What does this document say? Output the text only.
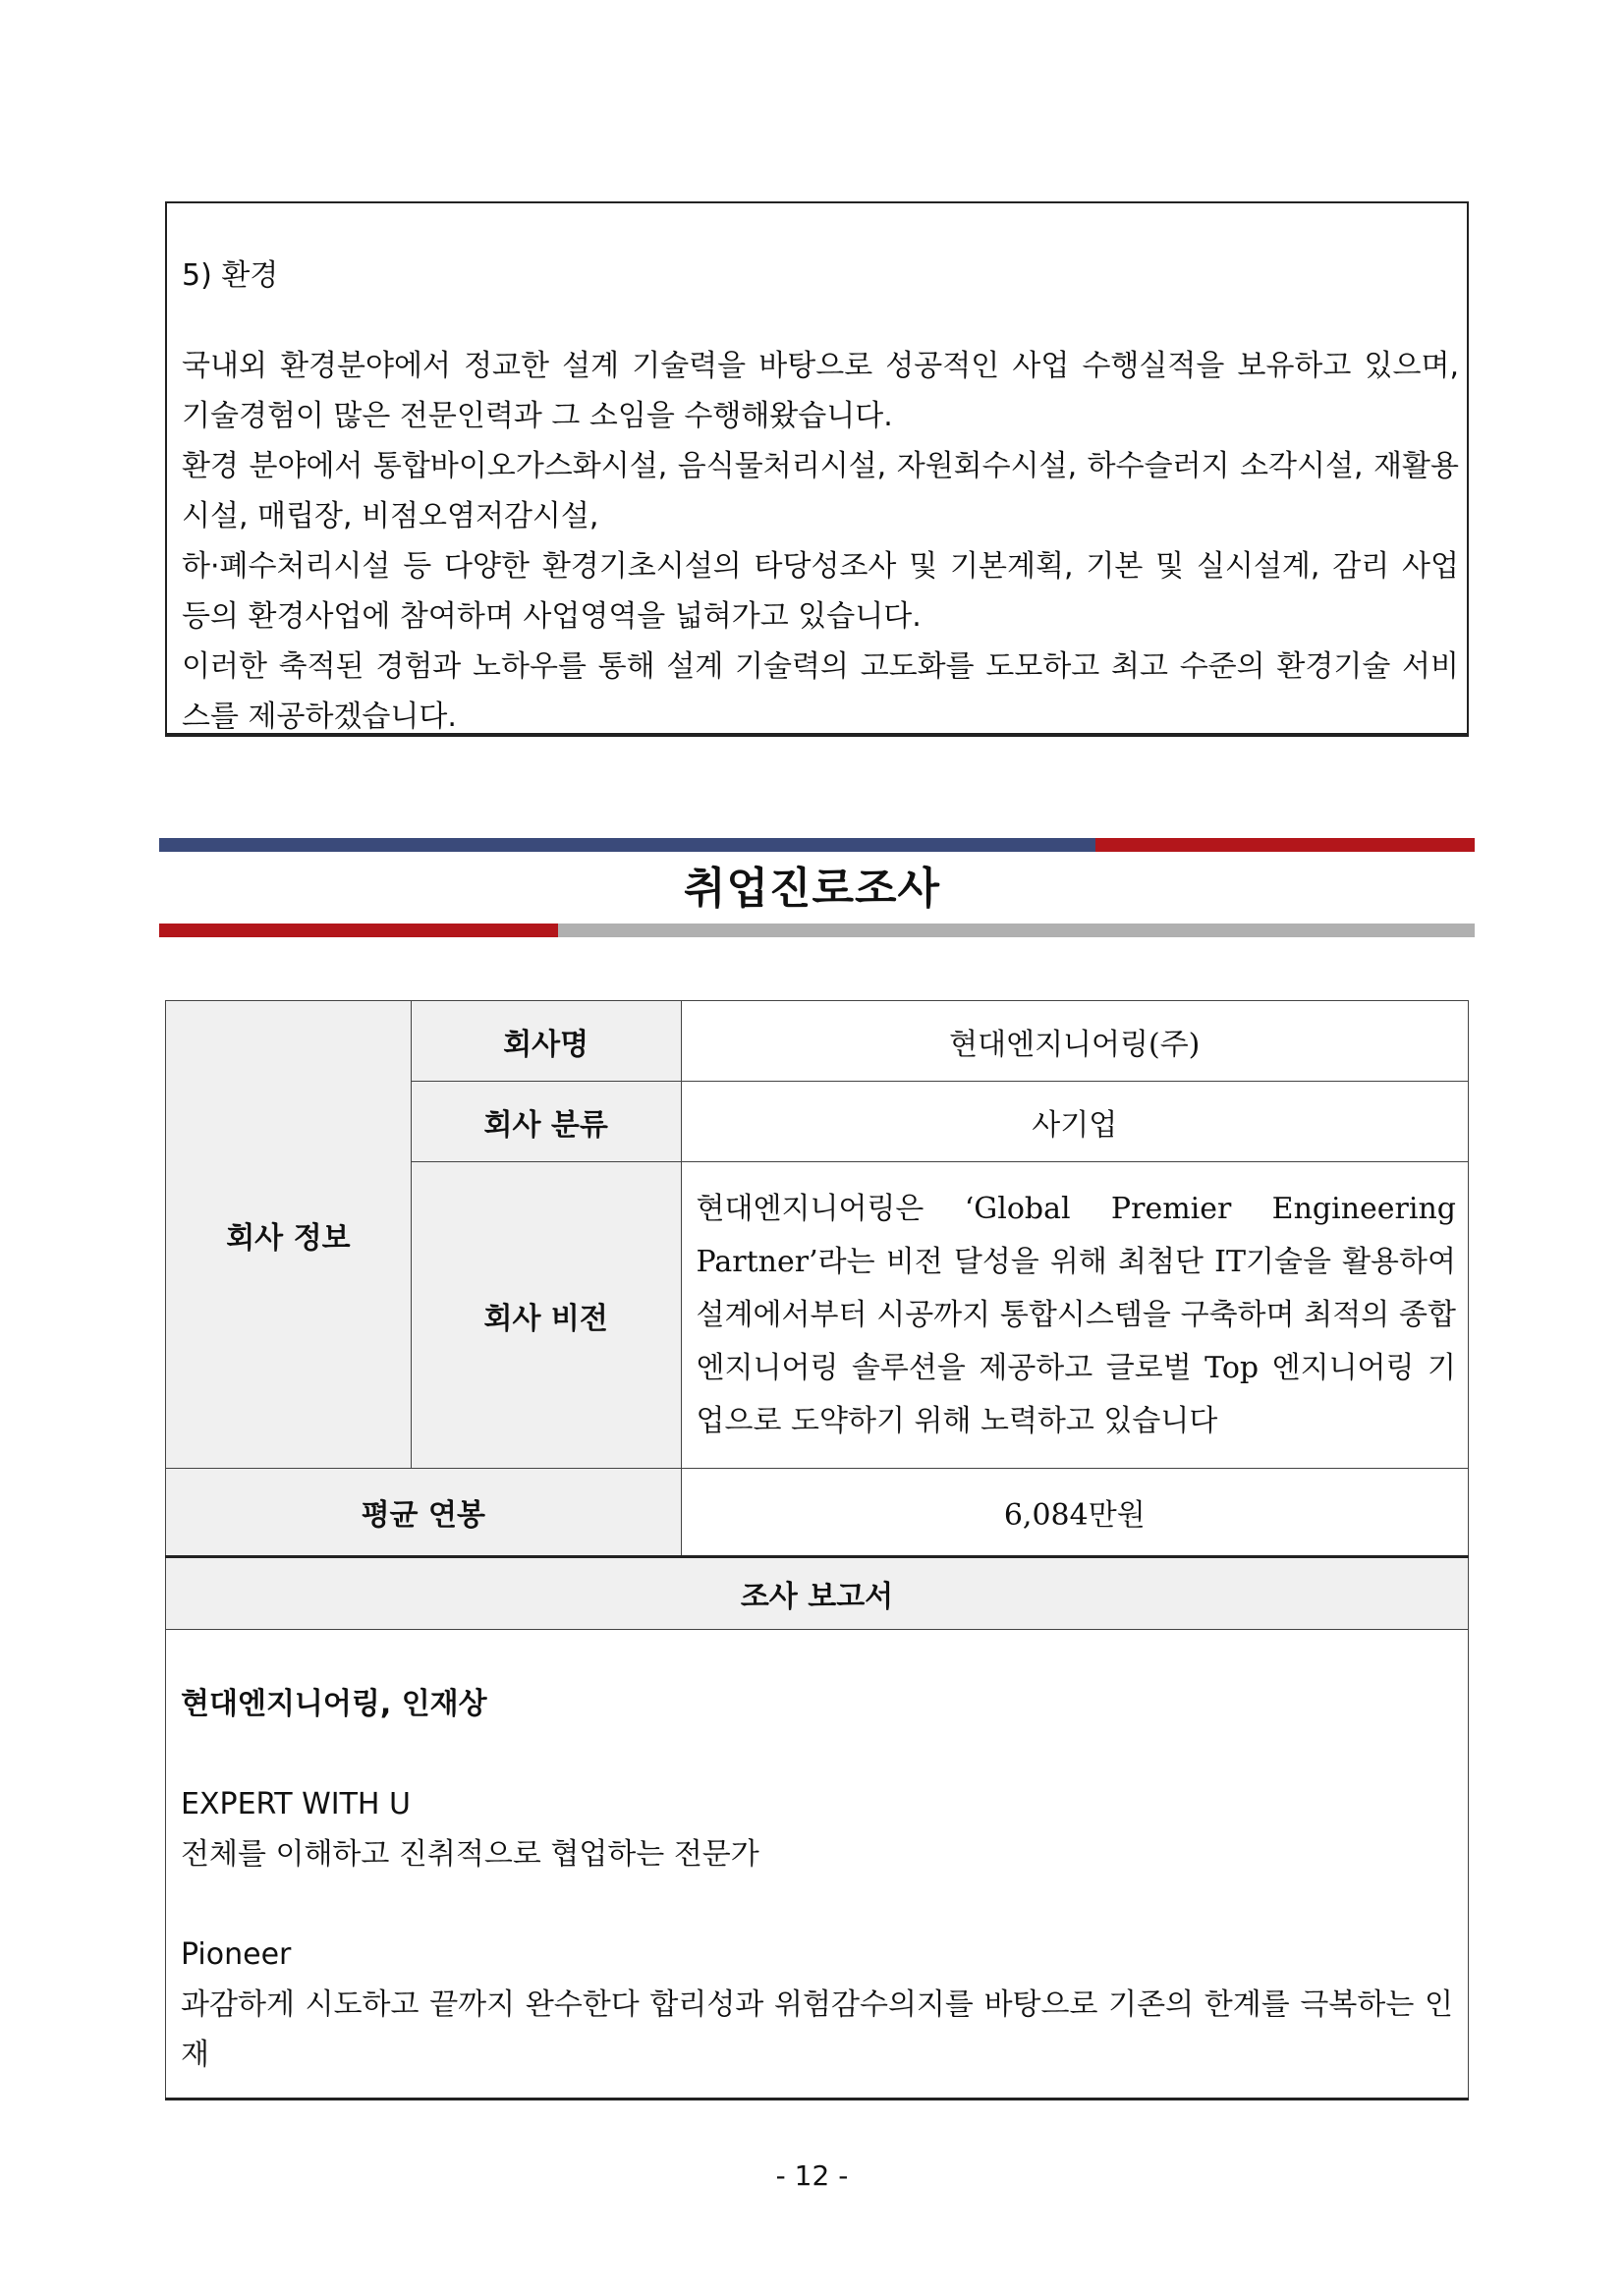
5) 환경

국내외 환경분야에서 정교한 설계 기술력을 바탕으로 성공적인 사업 수행실적을 보유하고 있으며, 기술경험이 많은 전문인력과 그 소임을 수행해왔습니다.

환경 분야에서 통합바이오가스화시설, 음식물처리시설, 자원회수시설, 하수슬러지 소각시설, 재활용시설, 매립장, 비점오염저감시설,

하·폐수처리시설 등 다양한 환경기초시설의 타당성조사 및 기본계획, 기본 및 실시설계, 감리 사업 등의 환경사업에 참여하며 사업영역을 넓혀가고 있습니다.

이러한 축적된 경험과 노하우를 통해 설계 기술력의 고도화를 도모하고 최고 수준의 환경기술 서비스를 제공하겠습니다.

취업진로조사
회사 정보	회사명	현대엔지니어링(주)
	회사 분류	사기업
	회사 비전	현대엔지니어링은 ‘Global Premier Engineering Partner’라는 비전 달성을 위해 최첨단 IT기술을 활용하여 설계에서부터 시공까지 통합시스템을 구축하며 최적의 종합엔지니어링 솔루션을 제공하고 글로벌 Top 엔지니어링 기업으로 도약하기 위해 노력하고 있습니다
평균 연봉		6,084만원
조사 보고서		

현대엔지니어링, 인재상

EXPERT WITH U

전체를 이해하고 진취적으로 협업하는 전문가

Pioneer

과감하게 시도하고 끝까지 완수한다 합리성과 위험감수의지를 바탕으로 기존의 한계를 극복하는 인재		

- 12 -
